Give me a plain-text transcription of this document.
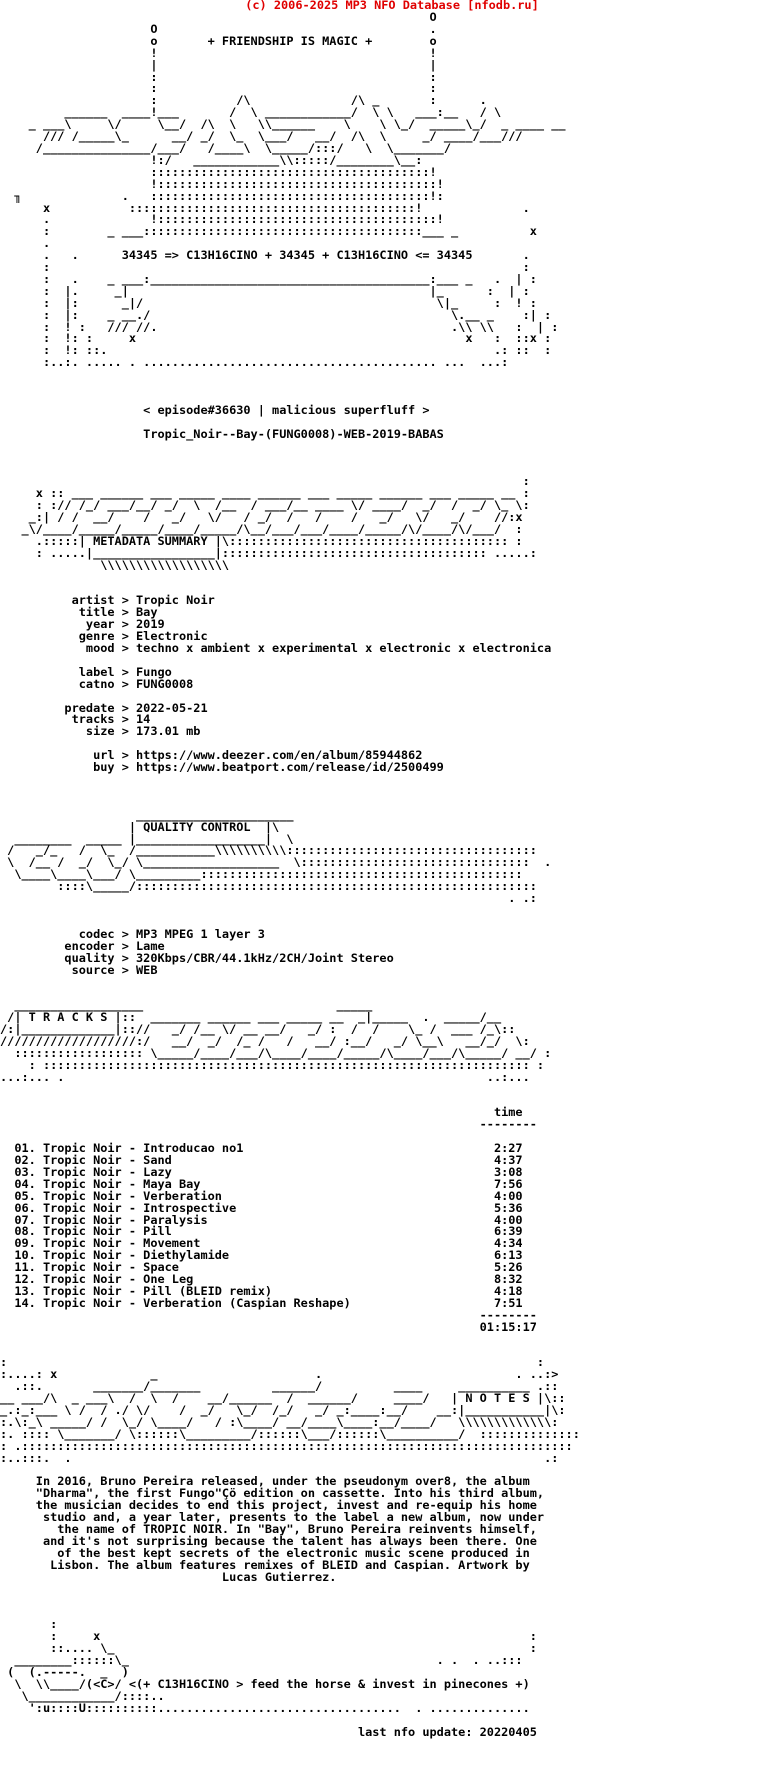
(c) 2006-2025 MP3 NFO Database [nfodb.ru]
O
O                                      .
o       + FRIENDSHIP IS MAGIC +        o
!                                      !
|                                      |
:                                      :
:                                      :
:           /\              /\ _       :      .
______  ____!___       /  \ ____________/  \ \   ___:__   / \
_ ___\     \/     \__/  /\  \   \\______    \    \ \_/  _____\_/  _ ____ __
/// /_____\_      __/ _/  \_  \___/   __/  /\  \     _/ ____/___///
/_______________/___/   /____\  \_____/:::/   \  \_______/
!:/   ____________\\:::::/________\__:
:::::::::::::::::::::::::::::::::::::::!
!:::::::::::::::::::::::::::::::::::::::!
╖              .   :::::::::::::::::::::::::::::::::::::::!:
x           ::::::::::::::::::::::::::::::::::::::::!              .
.              !:::::::::::::::::::::::::::::::::::::::!
:        _ ___:::::::::::::::::::::::::::::::::::::::___ _          x
.
.   .      34345 => C13H16CINO + 34345 + C13H16CINO <= 34345       .
:                                                                  :
:   .    _ ___:_______________________________________:___ _   .  | :
:  |.     _|                                          |_      :  | :
:  |:      _|/                                         \|_     :  ! :
:  |:    _ __./                                          \.__ _    :| :
:  ! :   /// //.                                         .\\ \\   :  | :
:  !: :     x                                              x   :  ::x :
:  !: ::.                                                      .: ::  :
:..:. ..... . ......................................... ...  ...:

< episode#36630 | malicious superfluff >

Tropic_Noir--Bay-(FUNG0008)-WEB-2019-BABAS

:
x :: ___ ______ ___ _____ ____ ______ ___ _____ ______ ___ _____ __ :
: :// /_/ ___/__/ _/  \  /__  / ___/__ ____ \/ ____/  _/  /  _/ \_ \:
_:| / /  __/    /   _/   \/   / _/  /   /    /   _/   \/   _/    //:x
_\/____/_____/_____/____/_____/\__/___/___/____/_____/\/____/\/___/  :
.:::::| METADATA SUMMARY |\::::::::::::::::::::::::::::::::::::::: :
: .....|_________________|::::::::::::::::::::::::::::::::::::: .....:
\\\\\\\\\\\\\\\\\\

artist > Tropic Noir
title > Bay
year > 2019
genre > Electronic
mood > techno x ambient x experimental x electronic x electronica

label > Fungo
catno > FUNG0008

predate > 2022-05-21
tracks > 14
size > 173.01 mb

url > https://www.deezer.com/en/album/85944862
buy > https://www.beatport.com/release/id/2500499

______________________
| QUALITY CONTROL  |\
________  _____ |__________________|  \
/   _/_   /  \_  /___________\\\\\\\\\\:::::::::::::::::::::::::::::::::::
\  /__ /  _/  \_/ \___________________  \::::::::::::::::::::::::::::::::  .
\____\____\___/ \_________:::::::::::::::::::::::::::::::::::::::::::::
::::\_____/::::::::::::::::::::::::::::::::::::::::::::::::::::::::
. .:

codec > MP3 MPEG 1 layer 3
encoder > Lame
quality > 320Kbps/CBR/44.1kHz/2CH/Joint Stereo
source > WEB

__________________                           _____
/| T R A C K S |::  _______ ______ ___ _____ __  _|_____  .  _____/__
/:|_____________|:://   _/ /__ \/ __ __/   _/ :  /  /    \_ /  ___ /_\::
///////////////////:/   __/  _/  /_ /   /   __/ :__/   _/ \__\   __/_/  \:
:::::::::::::::::: \_____/____/___/\____/____/_____/\____/___/\_____/ __/ :
: :::::::::::::::::::::::::::::::::::::::::::::::::::::::::::::::::::: :
...:... .                                                           ..:...

time
--------

01. Tropic Noir - Introducao no1                                   2:27
02. Tropic Noir - Sand                                             4:37
03. Tropic Noir - Lazy                                             3:08
04. Tropic Noir - Maya Bay                                         7:56
05. Tropic Noir - Verberation                                      4:00
06. Tropic Noir - Introspective                                    5:36
07. Tropic Noir - Paralysis                                        4:00
08. Tropic Noir - Pill                                             6:39
09. Tropic Noir - Movement                                         4:34
10. Tropic Noir - Diethylamide                                     6:13
11. Tropic Noir - Space                                            5:26
12. Tropic Noir - One Leg                                          8:32
13. Tropic Noir - Pill (BLEID remix)                               4:18
14. Tropic Noir - Verberation (Caspian Reshape)                    7:51
--------
01:15:17

:                                                                          :
:....: x             _                      .                           . ..:>
.::.       _______/_______          ______/          ____     __________ .::
__ ___/\  _ ___\  /  \  /    __/______  /  ______/     ____/   | N O T E S |\::
_.:_:___ \ /  / ./ \/    /  _/   \_/  /_/   _/ _:____:__/    __:|___________|\:
:.\:_\ _____/ /  \_/ \____/   / :\____/ __/____\____:__/____/   \\\\\\\\\\\\\:
:. :::: \_______/ \::::::\_________/::::::\___/::::::\__________/  ::::::::::::::
: .:::::::::::::::::::::::::::::::::::::::::::::::::::::::::::::::::::::::::::::
:..:::.  .                                                                  .:

In 2016, Bruno Pereira released, under the pseudonym over8, the album
"Dharma", the first Fungo"Çö edition on cassette. Into his third album,
the musician decides to end this project, invest and re-equip his home
studio and, a year later, presents to the label a new album, now under
the name of TROPIC NOIR. In "Bay", Bruno Pereira reinvents himself,
and it's not surprising because the talent has always been there. One
of the best kept secrets of the electronic music scene produced in
Lisbon. The album features remixes of BLEID and Caspian. Artwork by
Lucas Gutierrez.

:
:     x                                                            :
::.... \_                                                          :
________::::::\_                                           . .  . ..:::
(  (.-----.  _  )
\  \\____/(<C>/ <(+ C13H16CINO > feed the horse & invest in pinecones +)
\____________/::::..
':u::::U::::::::::..................................  . ..............

last nfo update: 20220405
